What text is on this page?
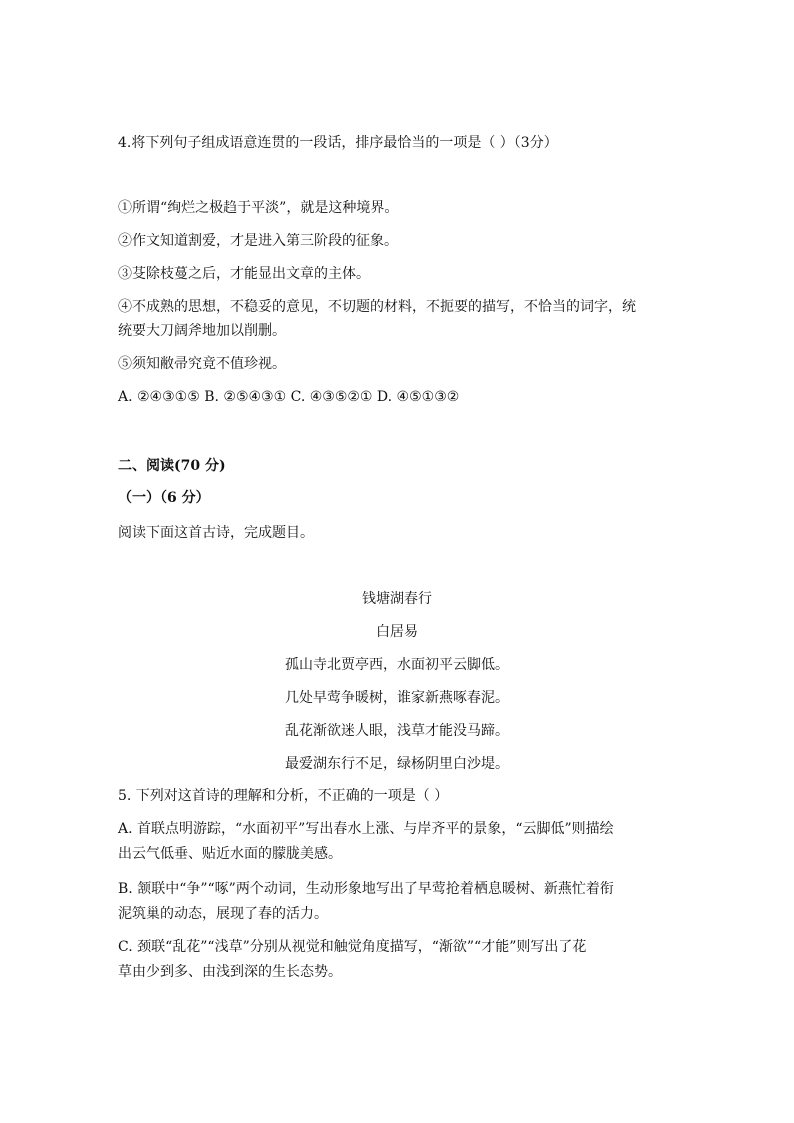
4.将下列句子组成语意连贯的一段话，排序最恰当的一项是（ ）（3分）
①所谓“绚烂之极趋于平淡”，就是这种境界。
②作文知道割爱，才是进入第三阶段的征象。
③芟除枝蔓之后，才能显出文章的主体。
④不成熟的思想，不稳妥的意见，不切题的材料，不扼要的描写，不恰当的词字，统
统要大刀阔斧地加以削删。
⑤须知敝帚究竟不值珍视。
A. ②④③①⑤ B. ②⑤④③① C. ④③⑤②① D. ④⑤①③②
二、阅读(70 分)
（一）（6 分）
阅读下面这首古诗，完成题目。
钱塘湖春行
白居易
孤山寺北贾亭西，水面初平云脚低。
几处早莺争暖树，谁家新燕啄春泥。
乱花渐欲迷人眼，浅草才能没马蹄。
最爱湖东行不足，绿杨阴里白沙堤。
5. 下列对这首诗的理解和分析，不正确的一项是（ ）
A. 首联点明游踪，“水面初平”写出春水上涨、与岸齐平的景象，“云脚低”则描绘
出云气低垂、贴近水面的朦胧美感。
B. 颔联中“争”“啄”两个动词，生动形象地写出了早莺抢着栖息暖树、新燕忙着衔
泥筑巢的动态，展现了春的活力。
C. 颈联“乱花”“浅草”分别从视觉和触觉角度描写，“渐欲”“才能”则写出了花
草由少到多、由浅到深的生长态势。
